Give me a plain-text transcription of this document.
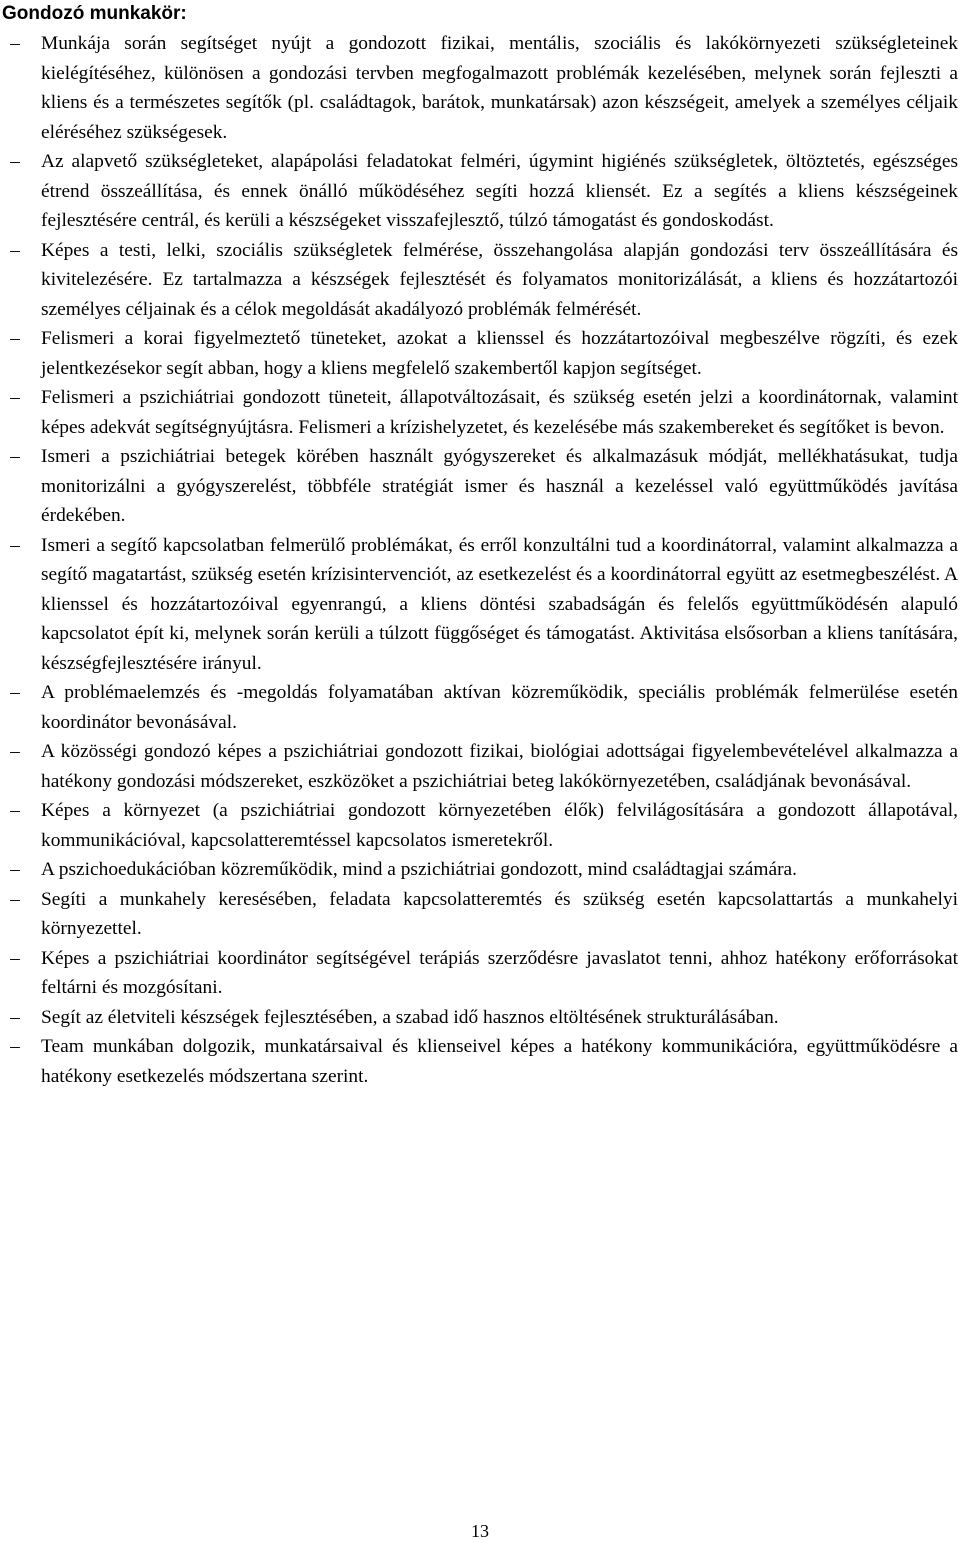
Gondozó munkakör:
–	Munkája során segítséget nyújt a gondozott fizikai, mentális, szociális és lakókörnyezeti szükségleteinek kielégítéséhez, különösen a gondozási tervben megfogalmazott problémák kezelésében, melynek során fejleszti a kliens és a természetes segítők (pl. családtagok, barátok, munkatársak) azon készségeit, amelyek a személyes céljaik eléréséhez szükségesek.
–	Az alapvető szükségleteket, alapápolási feladatokat felméri, úgymint higiénés szükségletek, öltöztetés, egészséges étrend összeállítása, és ennek önálló működéséhez segíti hozzá kliensét. Ez a segítés a kliens készségeinek fejlesztésére centrál, és kerüli a készségeket visszafejlesztő, túlzó támogatást és gondoskodást.
–	Képes a testi, lelki, szociális szükségletek felmérése, összehangolása alapján gondozási terv összeállítására és kivitelezésére. Ez tartalmazza a készségek fejlesztését és folyamatos monitorizálását, a kliens és hozzátartozói személyes céljainak és a célok megoldását akadályozó problémák felmérését.
–	Felismeri a korai figyelmeztető tüneteket, azokat a klienssel és hozzátartozóival megbeszélve rögzíti, és ezek jelentkezésekor segít abban, hogy a kliens megfelelő szakembertől kapjon segítséget.
–	Felismeri a pszichiátriai gondozott tüneteit, állapotváltozásait, és szükség esetén jelzi a koordinátornak, valamint képes adekvát segítségnyújtásra. Felismeri a krízishelyzetet, és kezelésébe más szakembereket és segítőket is bevon.
–	Ismeri a pszichiátriai betegek körében használt gyógyszereket és alkalmazásuk módját, mellékhatásukat, tudja monitorizálni a gyógyszerelést, többféle stratégiát ismer és használ a kezeléssel való együttműködés javítása érdekében.
–	Ismeri a segítő kapcsolatban felmerülő problémákat, és erről konzultálni tud a koordinátorral, valamint alkalmazza a segítő magatartást, szükség esetén krízisintervenciót, az esetkezelést és a koordinátorral együtt az esetmegbeszélést. A klienssel és hozzátartozóival egyenrangú, a kliens döntési szabadságán és felelős együttműködésén alapuló kapcsolatot épít ki, melynek során kerüli a túlzott függőséget és támogatást. Aktivitása elsősorban a kliens tanítására, készségfejlesztésére irányul.
–	A problémaelemzés és -megoldás folyamatában aktívan közreműködik, speciális problémák felmerülése esetén koordinátor bevonásával.
–	A közösségi gondozó képes a pszichiátriai gondozott fizikai, biológiai adottságai figyelembevételével alkalmazza a hatékony gondozási módszereket, eszközöket a pszichiátriai beteg lakókörnyezetében, családjának bevonásával.
–	Képes a környezet (a pszichiátriai gondozott környezetében élők) felvilágosítására a gondozott állapotával, kommunikációval, kapcsolatteremtéssel kapcsolatos ismeretekről.
–	A pszichoedukációban közreműködik, mind a pszichiátriai gondozott, mind családtagjai számára.
–	Segíti a munkahely keresésében, feladata kapcsolatteremtés és szükség esetén kapcsolattartás a munkahelyi környezettel.
–	Képes a pszichiátriai koordinátor segítségével terápiás szerződésre javaslatot tenni, ahhoz hatékony erőforrásokat feltárni és mozgósítani.
–	Segít az életviteli készségek fejlesztésében, a szabad idő hasznos eltöltésének strukturálásában.
–	Team munkában dolgozik, munkatársaival és klienseivel képes a hatékony kommunikációra, együttműködésre a hatékony esetkezelés módszertana szerint.
13
